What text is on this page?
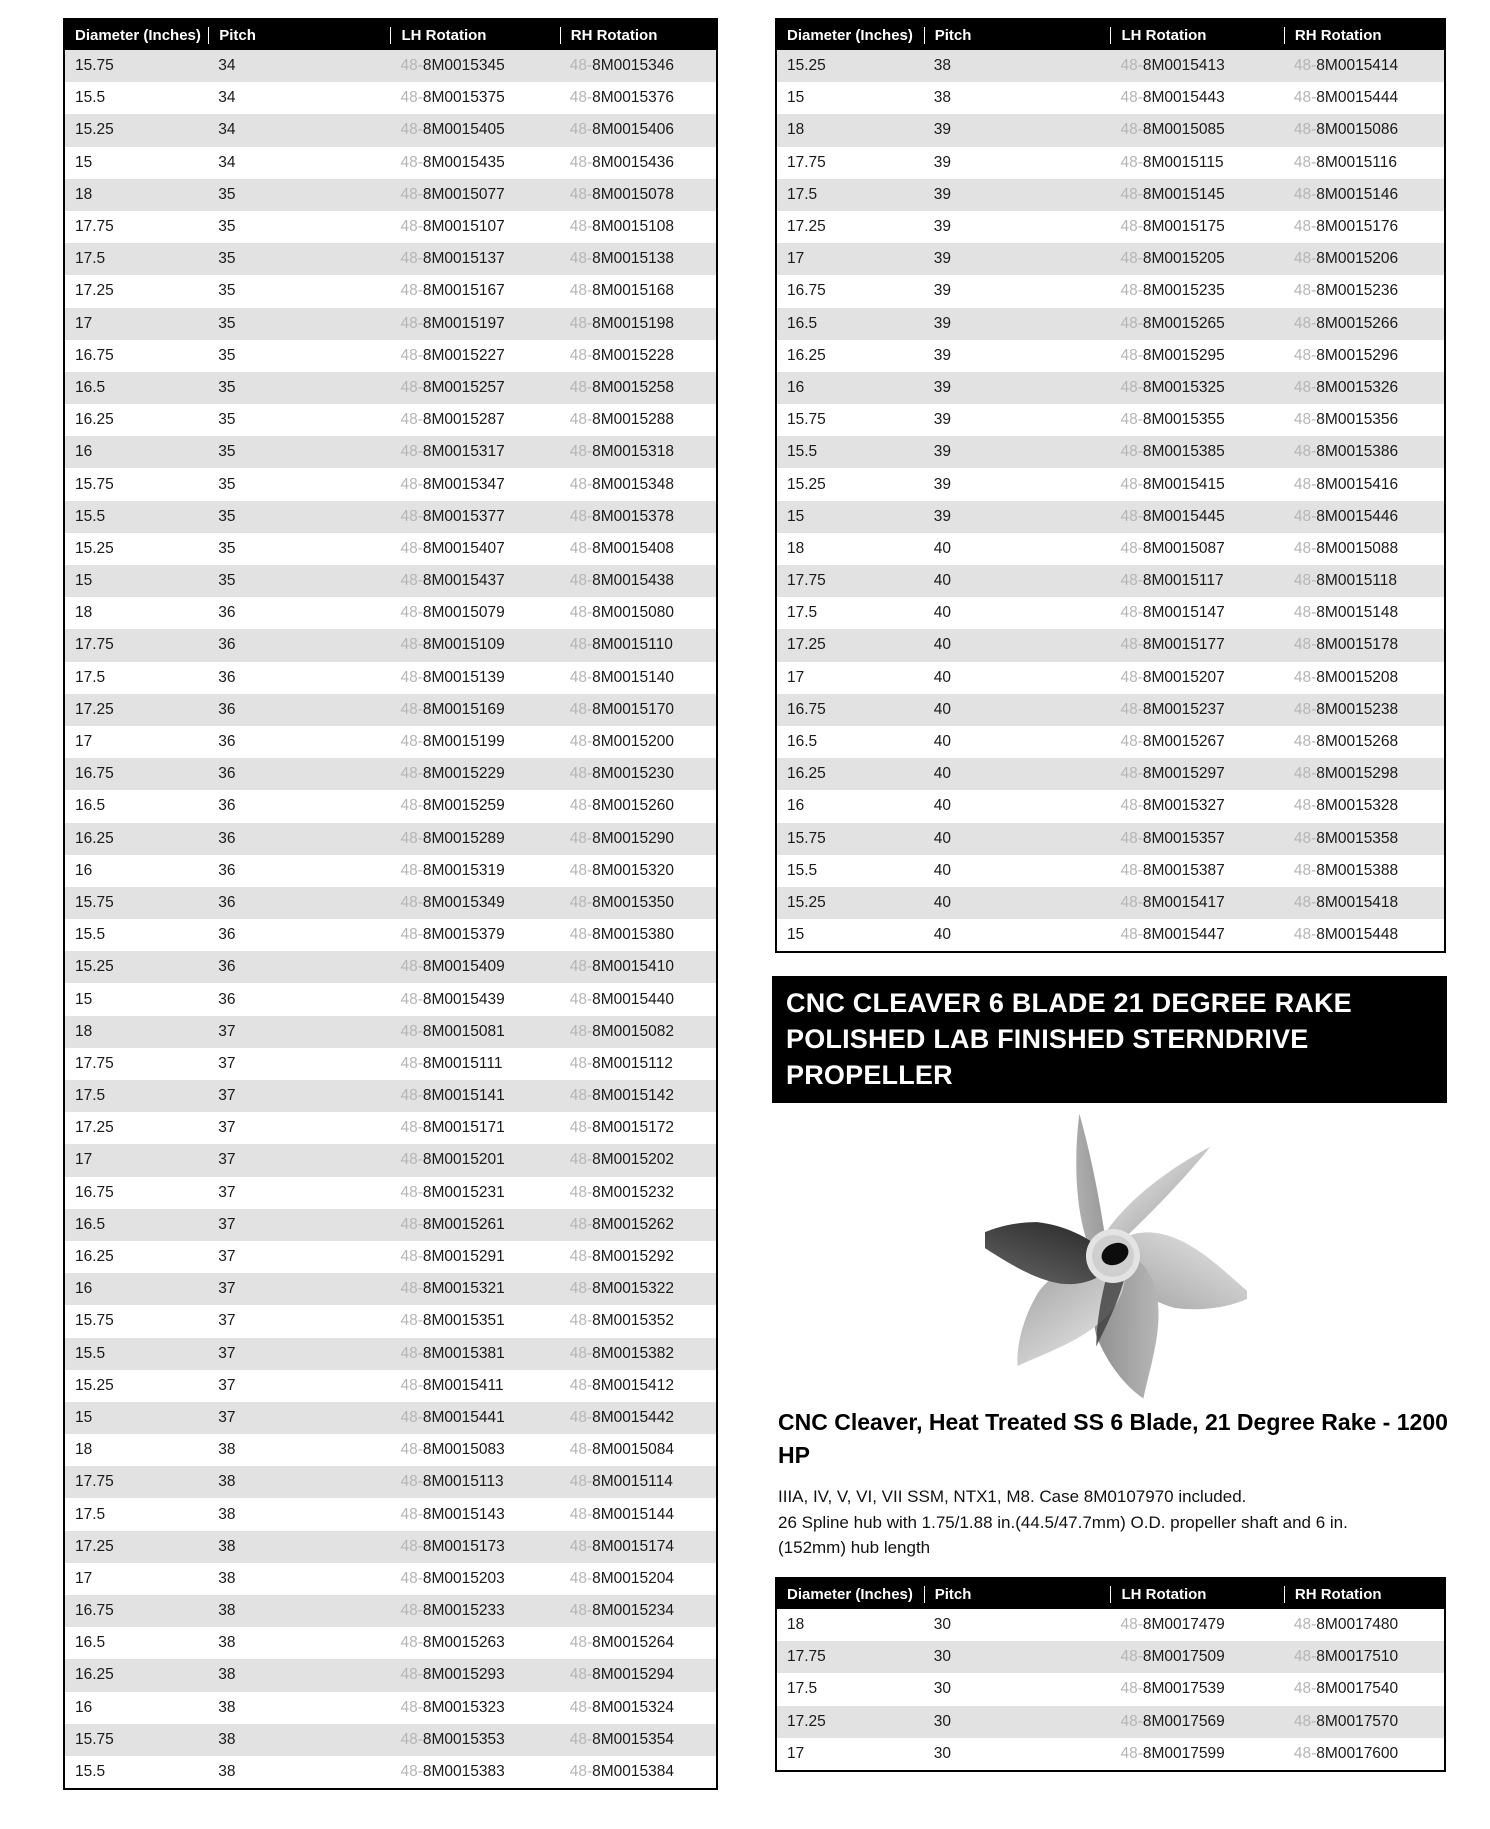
Diameter (Inches)	Pitch	LH Rotation	RH Rotation
15.75	34	48-8M0015345	48-8M0015346
15.5	34	48-8M0015375	48-8M0015376
15.25	34	48-8M0015405	48-8M0015406
15	34	48-8M0015435	48-8M0015436
18	35	48-8M0015077	48-8M0015078
17.75	35	48-8M0015107	48-8M0015108
17.5	35	48-8M0015137	48-8M0015138
17.25	35	48-8M0015167	48-8M0015168
17	35	48-8M0015197	48-8M0015198
16.75	35	48-8M0015227	48-8M0015228
16.5	35	48-8M0015257	48-8M0015258
16.25	35	48-8M0015287	48-8M0015288
16	35	48-8M0015317	48-8M0015318
15.75	35	48-8M0015347	48-8M0015348
15.5	35	48-8M0015377	48-8M0015378
15.25	35	48-8M0015407	48-8M0015408
15	35	48-8M0015437	48-8M0015438
18	36	48-8M0015079	48-8M0015080
17.75	36	48-8M0015109	48-8M0015110
17.5	36	48-8M0015139	48-8M0015140
17.25	36	48-8M0015169	48-8M0015170
17	36	48-8M0015199	48-8M0015200
16.75	36	48-8M0015229	48-8M0015230
16.5	36	48-8M0015259	48-8M0015260
16.25	36	48-8M0015289	48-8M0015290
16	36	48-8M0015319	48-8M0015320
15.75	36	48-8M0015349	48-8M0015350
15.5	36	48-8M0015379	48-8M0015380
15.25	36	48-8M0015409	48-8M0015410
15	36	48-8M0015439	48-8M0015440
18	37	48-8M0015081	48-8M0015082
17.75	37	48-8M0015111	48-8M0015112
17.5	37	48-8M0015141	48-8M0015142
17.25	37	48-8M0015171	48-8M0015172
17	37	48-8M0015201	48-8M0015202
16.75	37	48-8M0015231	48-8M0015232
16.5	37	48-8M0015261	48-8M0015262
16.25	37	48-8M0015291	48-8M0015292
16	37	48-8M0015321	48-8M0015322
15.75	37	48-8M0015351	48-8M0015352
15.5	37	48-8M0015381	48-8M0015382
15.25	37	48-8M0015411	48-8M0015412
15	37	48-8M0015441	48-8M0015442
18	38	48-8M0015083	48-8M0015084
17.75	38	48-8M0015113	48-8M0015114
17.5	38	48-8M0015143	48-8M0015144
17.25	38	48-8M0015173	48-8M0015174
17	38	48-8M0015203	48-8M0015204
16.75	38	48-8M0015233	48-8M0015234
16.5	38	48-8M0015263	48-8M0015264
16.25	38	48-8M0015293	48-8M0015294
16	38	48-8M0015323	48-8M0015324
15.75	38	48-8M0015353	48-8M0015354
15.5	38	48-8M0015383	48-8M0015384
Diameter (Inches)	Pitch	LH Rotation	RH Rotation
15.25	38	48-8M0015413	48-8M0015414
15	38	48-8M0015443	48-8M0015444
18	39	48-8M0015085	48-8M0015086
17.75	39	48-8M0015115	48-8M0015116
17.5	39	48-8M0015145	48-8M0015146
17.25	39	48-8M0015175	48-8M0015176
17	39	48-8M0015205	48-8M0015206
16.75	39	48-8M0015235	48-8M0015236
16.5	39	48-8M0015265	48-8M0015266
16.25	39	48-8M0015295	48-8M0015296
16	39	48-8M0015325	48-8M0015326
15.75	39	48-8M0015355	48-8M0015356
15.5	39	48-8M0015385	48-8M0015386
15.25	39	48-8M0015415	48-8M0015416
15	39	48-8M0015445	48-8M0015446
18	40	48-8M0015087	48-8M0015088
17.75	40	48-8M0015117	48-8M0015118
17.5	40	48-8M0015147	48-8M0015148
17.25	40	48-8M0015177	48-8M0015178
17	40	48-8M0015207	48-8M0015208
16.75	40	48-8M0015237	48-8M0015238
16.5	40	48-8M0015267	48-8M0015268
16.25	40	48-8M0015297	48-8M0015298
16	40	48-8M0015327	48-8M0015328
15.75	40	48-8M0015357	48-8M0015358
15.5	40	48-8M0015387	48-8M0015388
15.25	40	48-8M0015417	48-8M0015418
15	40	48-8M0015447	48-8M0015448
CNC CLEAVER 6 BLADE 21 DEGREE RAKE
POLISHED LAB FINISHED STERNDRIVE
PROPELLER
CNC Cleaver, Heat Treated SS 6 Blade, 21 Degree Rake - 1200
HP
IIIA, IV, V, VI, VII SSM, NTX1, M8. Case 8M0107970 included.
26 Spline hub with 1.75/1.88 in.(44.5/47.7mm) O.D. propeller shaft and 6 in.
(152mm) hub length
Diameter (Inches)	Pitch	LH Rotation	RH Rotation
18	30	48-8M0017479	48-8M0017480
17.75	30	48-8M0017509	48-8M0017510
17.5	30	48-8M0017539	48-8M0017540
17.25	30	48-8M0017569	48-8M0017570
17	30	48-8M0017599	48-8M0017600
